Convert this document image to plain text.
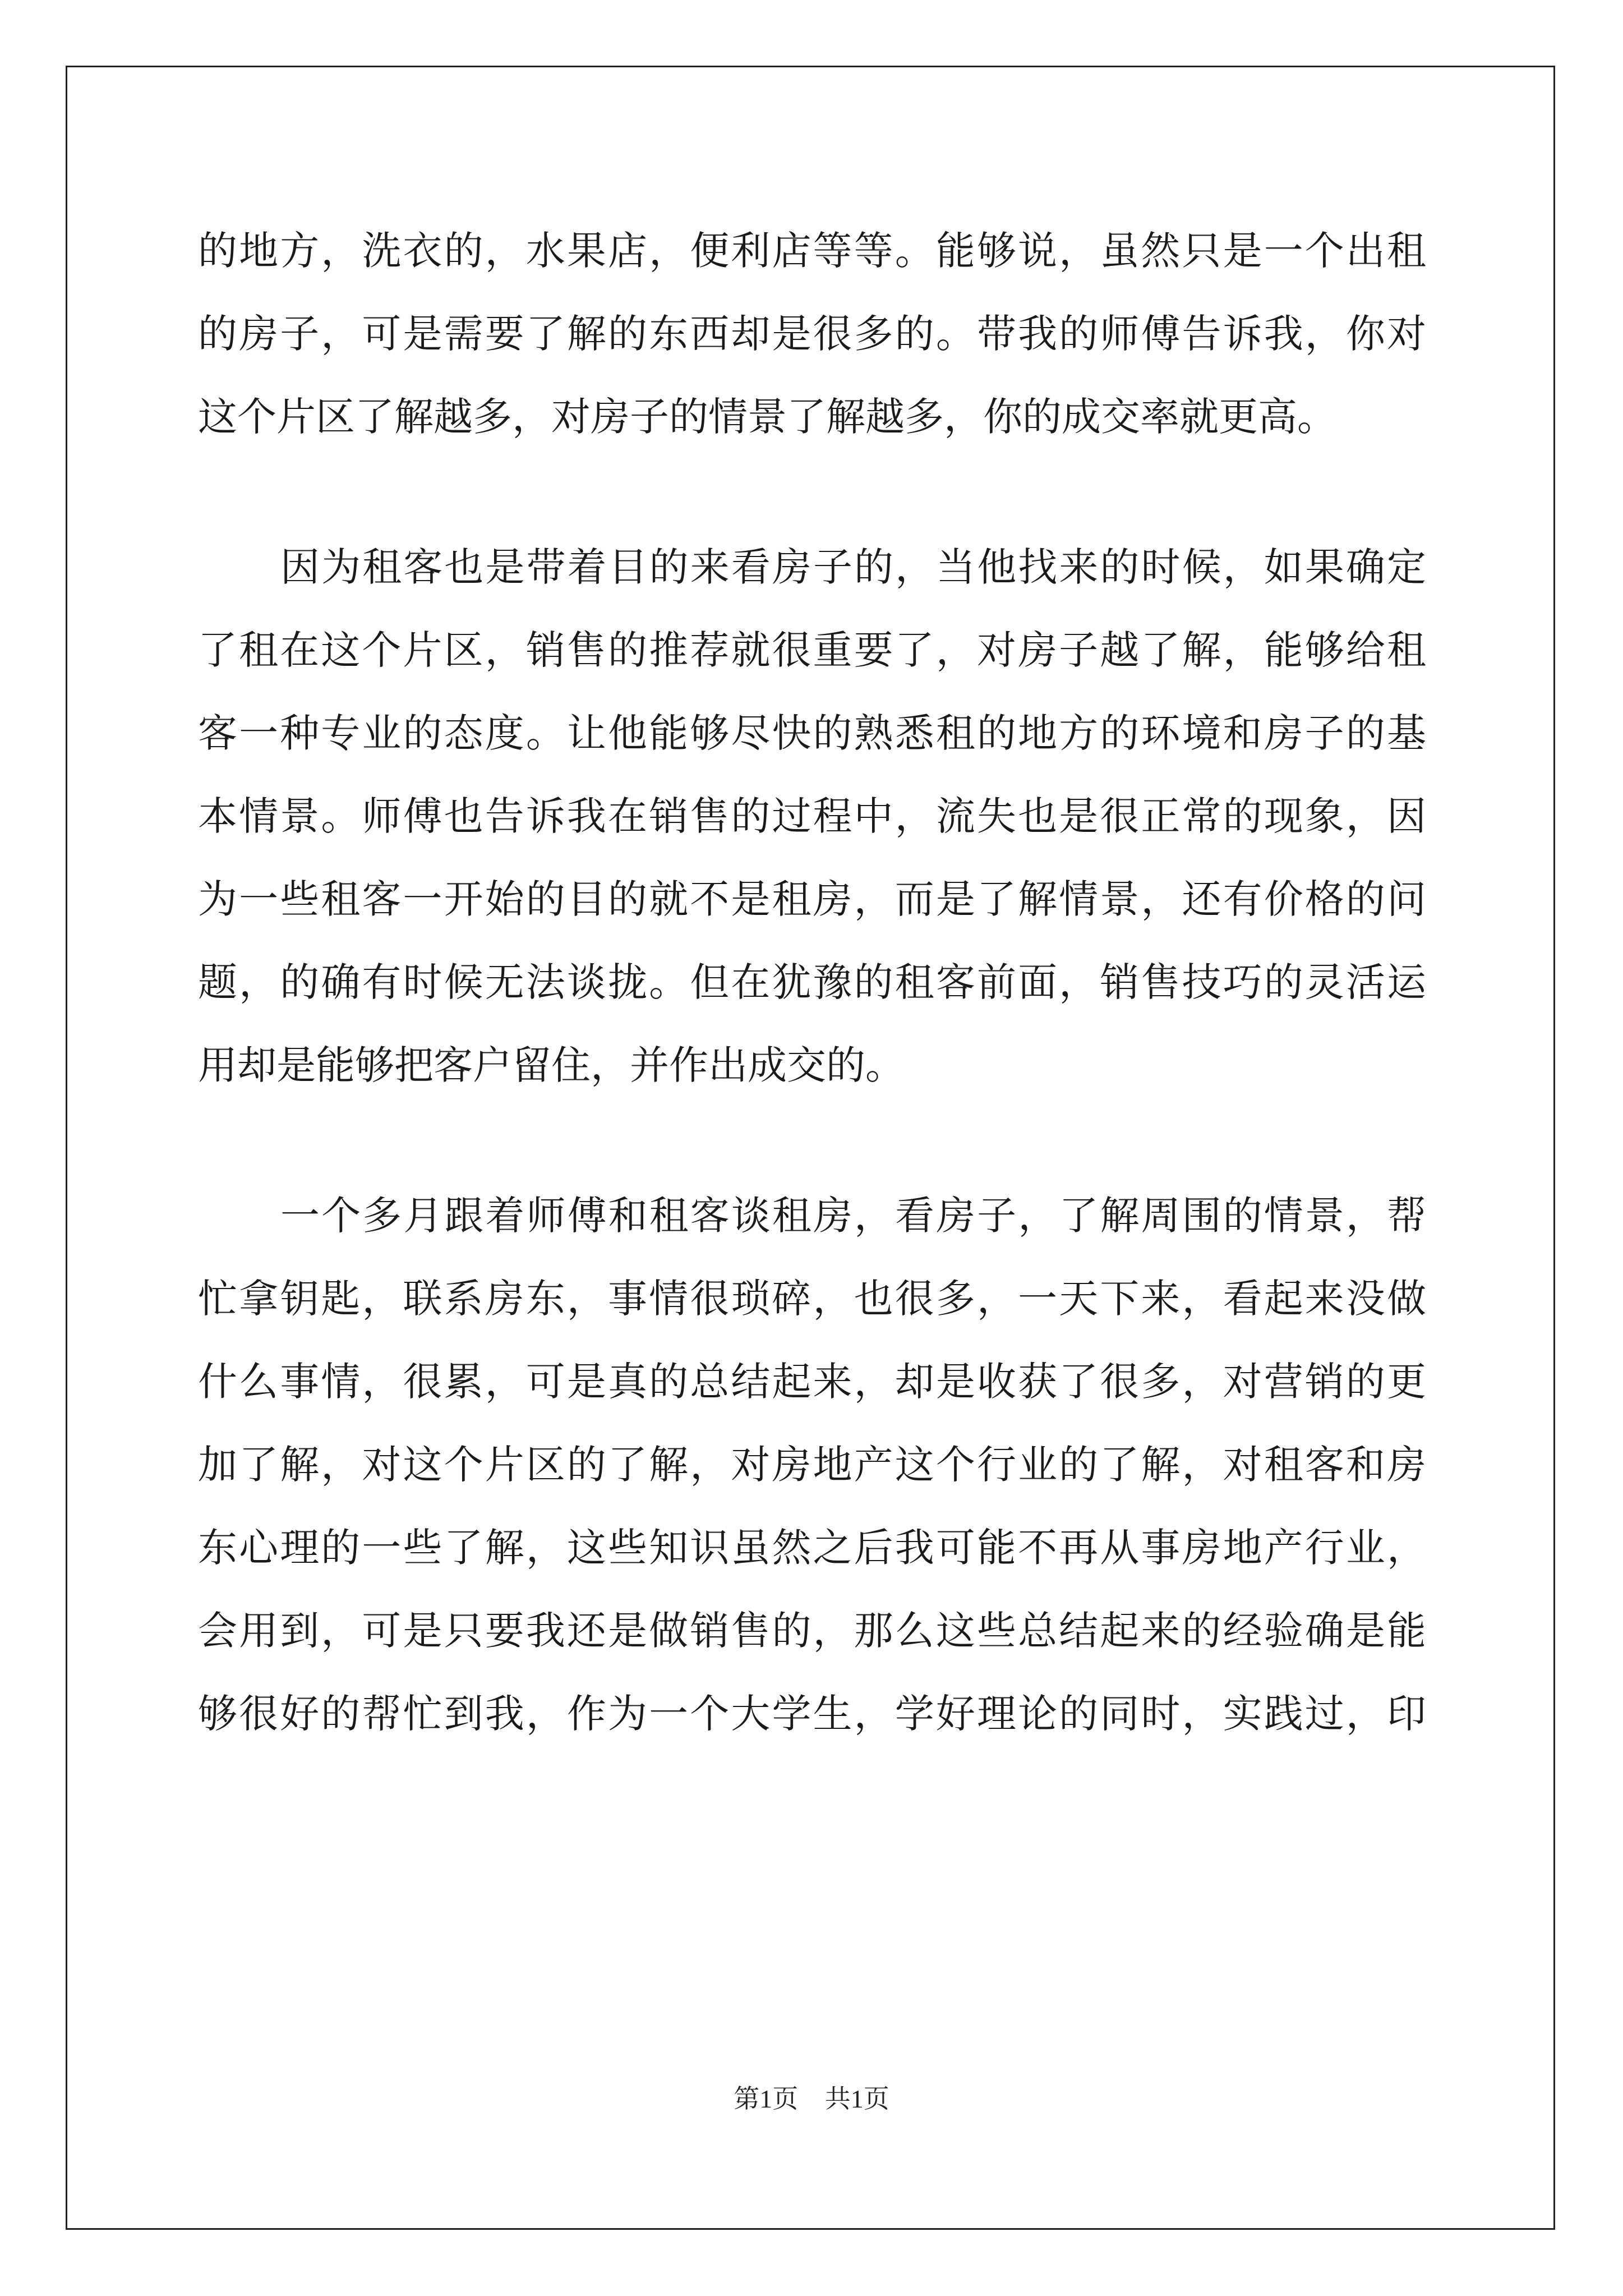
的地方，洗衣的，水果店，便利店等等。能够说，虽然只是一个出租
的房子，可是需要了解的东西却是很多的。带我的师傅告诉我，你对
这个片区了解越多，对房子的情景了解越多，你的成交率就更高。
因为租客也是带着目的来看房子的，当他找来的时候，如果确定
了租在这个片区，销售的推荐就很重要了，对房子越了解，能够给租
客一种专业的态度。让他能够尽快的熟悉租的地方的环境和房子的基
本情景。师傅也告诉我在销售的过程中，流失也是很正常的现象，因
为一些租客一开始的目的就不是租房，而是了解情景，还有价格的问
题，的确有时候无法谈拢。但在犹豫的租客前面，销售技巧的灵活运
用却是能够把客户留住，并作出成交的。
一个多月跟着师傅和租客谈租房，看房子，了解周围的情景，帮
忙拿钥匙，联系房东，事情很琐碎，也很多，一天下来，看起来没做
什么事情，很累，可是真的总结起来，却是收获了很多，对营销的更
加了解，对这个片区的了解，对房地产这个行业的了解，对租客和房
东心理的一些了解，这些知识虽然之后我可能不再从事房地产行业，
会用到，可是只要我还是做销售的，那么这些总结起来的经验确是能
够很好的帮忙到我，作为一个大学生，学好理论的同时，实践过，印
第1页 共1页
